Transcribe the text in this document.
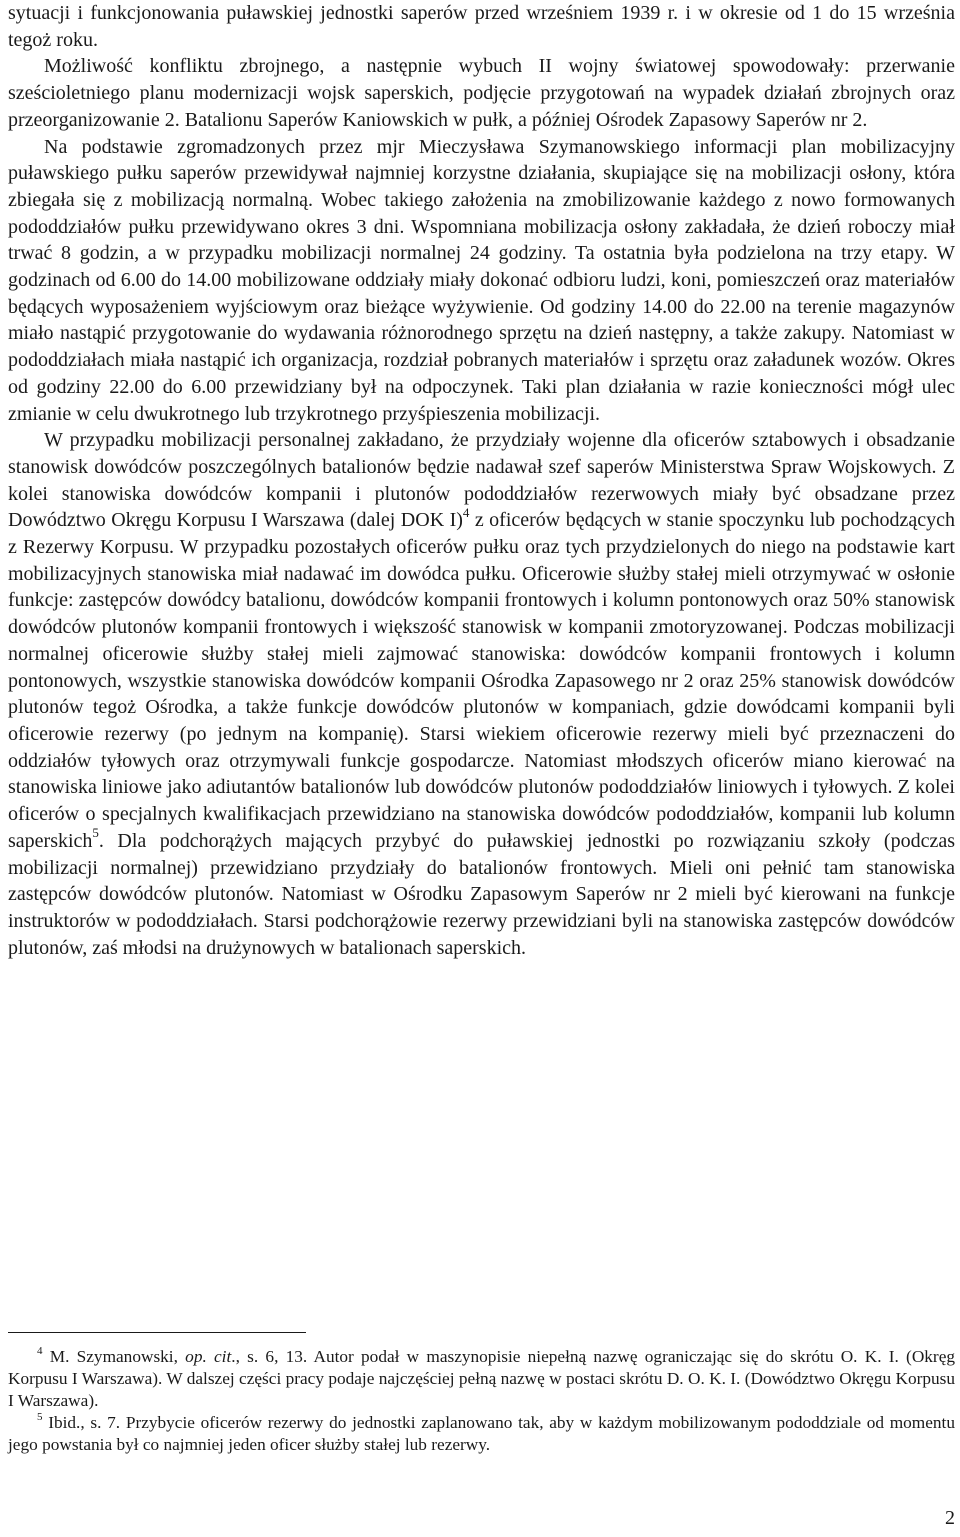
sytuacji i funkcjonowania puławskiej jednostki saperów przed wrześniem 1939 r. i w okresie od 1 do 15 września tegoż roku.

Możliwość konfliktu zbrojnego, a następnie wybuch II wojny światowej spowodowały: przerwanie sześcioletniego planu modernizacji wojsk saperskich, podjęcie przygotowań na wypadek działań zbrojnych oraz przeorganizowanie 2. Batalionu Saperów Kaniowskich w pułk, a później Ośrodek Zapasowy Saperów nr 2.

Na podstawie zgromadzonych przez mjr Mieczysława Szymanowskiego informacji plan mobilizacyjny puławskiego pułku saperów przewidywał najmniej korzystne działania, skupiające się na mobilizacji osłony, która zbiegała się z mobilizacją normalną. Wobec takiego założenia na zmobilizowanie każdego z nowo formowanych pododdziałów pułku przewidywano okres 3 dni. Wspomniana mobilizacja osłony zakładała, że dzień roboczy miał trwać 8 godzin, a w przypadku mobilizacji normalnej 24 godziny. Ta ostatnia była podzielona na trzy etapy. W godzinach od 6.00 do 14.00 mobilizowane oddziały miały dokonać odbioru ludzi, koni, pomieszczeń oraz materiałów będących wyposażeniem wyjściowym oraz bieżące wyżywienie. Od godziny 14.00 do 22.00 na terenie magazynów miało nastąpić przygotowanie do wydawania różnorodnego sprzętu na dzień następny, a także zakupy. Natomiast w pododdziałach miała nastąpić ich organizacja, rozdział pobranych materiałów i sprzętu oraz załadunek wozów. Okres od godziny 22.00 do 6.00 przewidziany był na odpoczynek. Taki plan działania w razie konieczności mógł ulec zmianie w celu dwukrotnego lub trzykrotnego przyśpieszenia mobilizacji.

W przypadku mobilizacji personalnej zakładano, że przydziały wojenne dla oficerów sztabowych i obsadzanie stanowisk dowódców poszczególnych batalionów będzie nadawał szef saperów Ministerstwa Spraw Wojskowych. Z kolei stanowiska dowódców kompanii i plutonów pododdziałów rezerwowych miały być obsadzane przez Dowództwo Okręgu Korpusu I Warszawa (dalej DOK I)$^4$ z oficerów będących w stanie spoczynku lub pochodzących z Rezerwy Korpusu. W przypadku pozostałych oficerów pułku oraz tych przydzielonych do niego na podstawie kart mobilizacyjnych stanowiska miał nadawać im dowódca pułku. Oficerowie służby stałej mieli otrzymywać w osłonie funkcje: zastępców dowódcy batalionu, dowódców kompanii frontowych i kolumn pontonowych oraz 50% stanowisk dowódców plutonów kompanii frontowych i większość stanowisk w kompanii zmotoryzowanej. Podczas mobilizacji normalnej oficerowie służby stałej mieli zajmować stanowiska: dowódców kompanii frontowych i kolumn pontonowych, wszystkie stanowiska dowódców kompanii Ośrodka Zapasowego nr 2 oraz 25% stanowisk dowódców plutonów tegoż Ośrodka, a także funkcje dowódców plutonów w kompaniach, gdzie dowódcami kompanii byli oficerowie rezerwy (po jednym na kompanię). Starsi wiekiem oficerowie rezerwy mieli być przeznaczeni do oddziałów tyłowych oraz otrzymywali funkcje gospodarcze. Natomiast młodszych oficerów miano kierować na stanowiska liniowe jako adiutantów batalionów lub dowódców plutonów pododdziałów liniowych i tyłowych. Z kolei oficerów o specjalnych kwalifikacjach przewidziano na stanowiska dowódców pododdziałów, kompanii lub kolumn saperskich$^5$. Dla podchorążych mających przybyć do puławskiej jednostki po rozwiązaniu szkoły (podczas mobilizacji normalnej) przewidziano przydziały do batalionów frontowych. Mieli oni pełnić tam stanowiska zastępców dowódców plutonów. Natomiast w Ośrodku Zapasowym Saperów nr 2 mieli być kierowani na funkcje instruktorów w pododdziałach. Starsi podchorążowie rezerwy przewidziani byli na stanowiska zastępców dowódców plutonów, zaś młodsi na drużynowych w batalionach saperskich.

$^4$ M. Szymanowski, op. cit., s. 6, 13. Autor podał w maszynopisie niepełną nazwę ograniczając się do skrótu O. K. I. (Okręg Korpusu I Warszawa). W dalszej części pracy podaje najczęściej pełną nazwę w postaci skrótu D. O. K. I. (Dowództwo Okręgu Korpusu I Warszawa).

$^5$ Ibid., s. 7. Przybycie oficerów rezerwy do jednostki zaplanowano tak, aby w każdym mobilizowanym pododdziale od momentu jego powstania był co najmniej jeden oficer służby stałej lub rezerwy.

2
